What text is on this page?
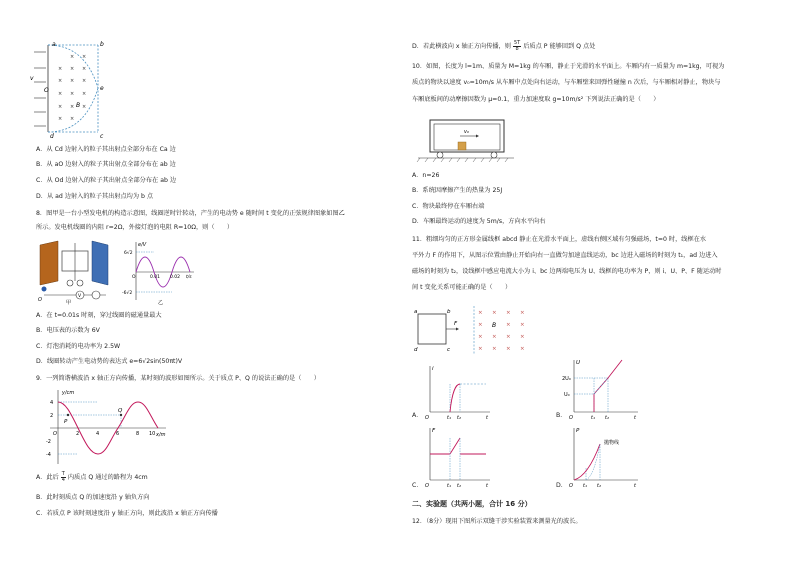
× ×
× × ×
× × ×
× × ×
× × ×
× ×
a	b
e
c
d
O
v
B
A．从 Cd 边射入的粒子其出射点全部分布在 Ca 边
B．从 aO 边射入的粒子其出射点全部分布在 ab 边
C．从 Od 边射入的粒子其出射点全部分布在 ab 边
D．从 ad 边射入的粒子其出射点均为 b 点
8．图甲是一台小型发电机的构造示意图，线圈逆时针转动，产生的电动势 e 随时间 t 变化的正弦规律图象如图乙
所示。发电机线圈的内阻 r=2Ω，外接灯泡的电阻 R=10Ω，则（　　）
V
O	甲
e/V
6√2
-6√2
O	0.01 0.02 t/s
乙
A．在 t=0.01s 时刻，穿过线圈的磁通量最大
B．电压表的示数为 6V
C．灯泡消耗的电功率为 2.5W
D．线圈转动产生电动势的表达式 e=6√2sin(50πt)V
9．一列简谐横波沿 x 轴正方向传播，某时刻的波形如图所示。关于质点 P、Q 的说法正确的是（　　）
y/cm
x/m
4
2
-2
-4
O	2	4	6	8 10
P
Q
A．此后 $\frac{T}{4}$ 内质点 Q 通过的路程为 4cm
B．此时刻质点 Q 的加速度沿 y 轴负方向
C．若质点 P 该时刻速度沿 y 轴正方向，则此波沿 x 轴正方向传播
D．若此横波向 x 轴正方向传播，则 $\frac{5T}{8}$ 后质点 P 能够回到 Q 点处
10．如图，长度为 l=1m、质量为 M=1kg 的车厢，静止于光滑的水平面上。车厢内有一质量为 m=1kg，可视为
质点的物块以速度 v₀=10m/s 从车厢中点处向右运动，与车厢壁来回弹性碰撞 n 次后，与车厢相对静止，物块与
车厢底板间的动摩擦因数为 μ=0.1，重力加速度取 g=10m/s² 下列说法正确的是（　　）
v₀
A．n=26
B．系统因摩擦产生的热量为 25J
C．物块最终停在车厢右端
D．车厢最终运动的速度为 5m/s，方向水平向右
11．粗细均匀的正方形金属线框 abcd 静止在光滑水平面上，虚线右侧区域有匀强磁场，t=0 时，线框在水
平外力 F 的作用下，从图示位置由静止开始向右一直做匀加速直线运动，bc 边进入磁场的时刻为 t₁，ad 边进入
磁场的时刻为 t₂，设线框中感应电流大小为 i、bc 边两端电压为 U、线框的电功率为 P，则 i、U、P、F 随运动时
间 t 变化关系可能正确的是（　　）
× × × ×
×	× ×
× × × ×
× × × ×
a	b
c
d
F	B
A．
i
O	t₁ t₂	t	B．
U
2U₀
U₀
O	t₁ t₂	t
C．
F
O	t₁ t₂	t	D．
P
抛物线
O t₁ t₂	t
二、实验题（共两小题，合计 16 分）
12．（8分）现用下图所示双缝干涉实验装置来测量光的波长。
